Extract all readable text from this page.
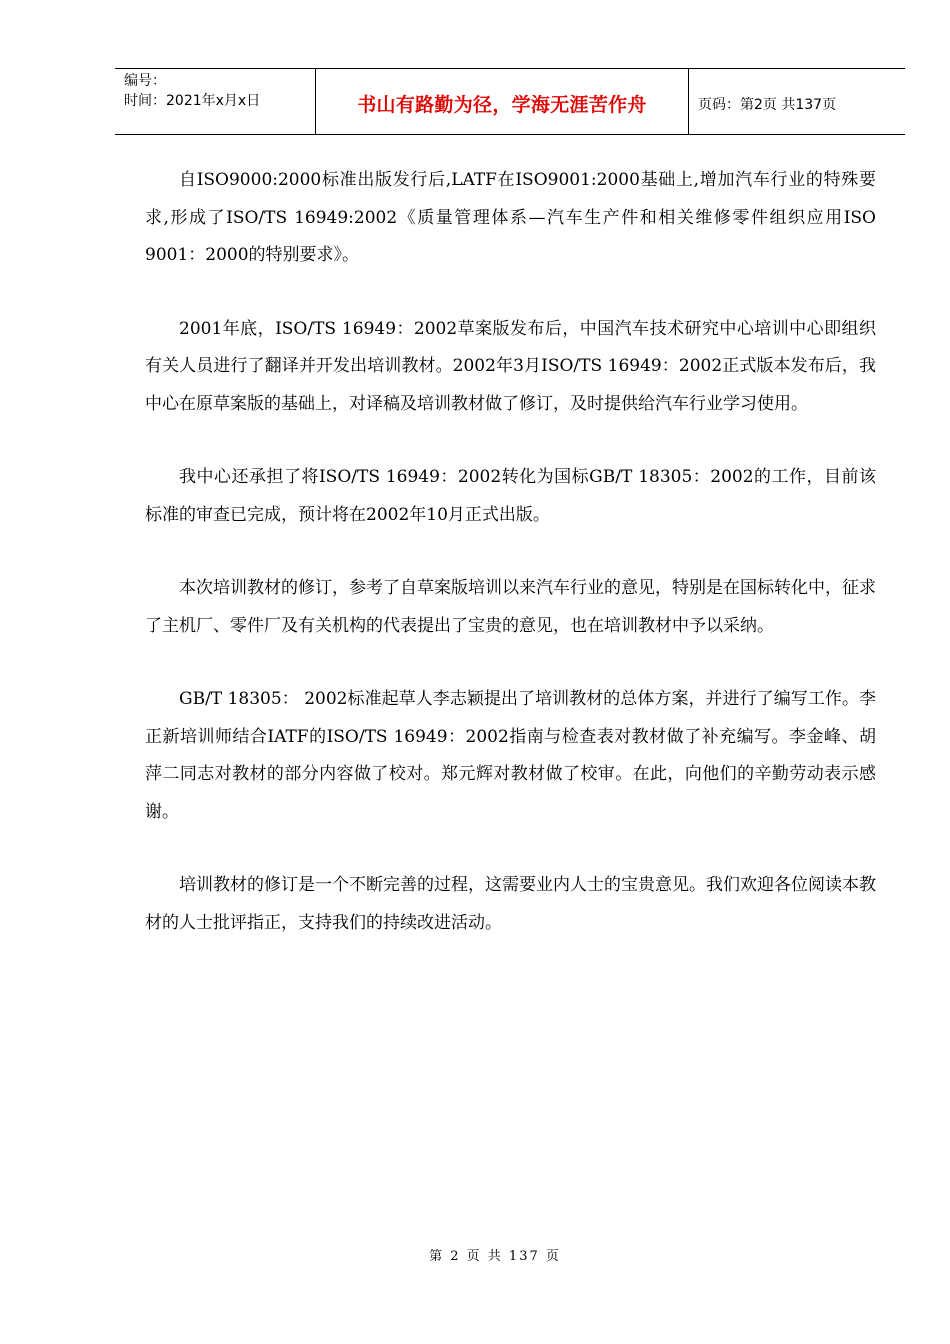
编号：
时间：2021年x月x日	书山有路勤为径，学海无涯苦作舟	页码：第2页 共137页

自ISO9000:2000标准出版发行后,LATF在ISO9001:2000基础上,增加汽车行业的特殊要求,形成了ISO/TS 16949:2002《质量管理体系—汽车生产件和相关维修零件组织应用ISO 9001：2000的特别要求》。

2001年底，ISO/TS 16949：2002草案版发布后，中国汽车技术研究中心培训中心即组织有关人员进行了翻译并开发出培训教材。2002年3月ISO/TS 16949：2002正式版本发布后，我中心在原草案版的基础上，对译稿及培训教材做了修订，及时提供给汽车行业学习使用。

我中心还承担了将ISO/TS 16949：2002转化为国标GB/T 18305：2002的工作，目前该标准的审查已完成，预计将在2002年10月正式出版。

本次培训教材的修订，参考了自草案版培训以来汽车行业的意见，特别是在国标转化中，征求了主机厂、零件厂及有关机构的代表提出了宝贵的意见，也在培训教材中予以采纳。

GB/T 18305： 2002标准起草人李志颖提出了培训教材的总体方案，并进行了编写工作。李正新培训师结合IATF的ISO/TS 16949：2002指南与检查表对教材做了补充编写。李金峰、胡萍二同志对教材的部分内容做了校对。郑元辉对教材做了校审。在此，向他们的辛勤劳动表示感谢。

培训教材的修订是一个不断完善的过程，这需要业内人士的宝贵意见。我们欢迎各位阅读本教材的人士批评指正，支持我们的持续改进活动。

第 2 页 共 137 页
